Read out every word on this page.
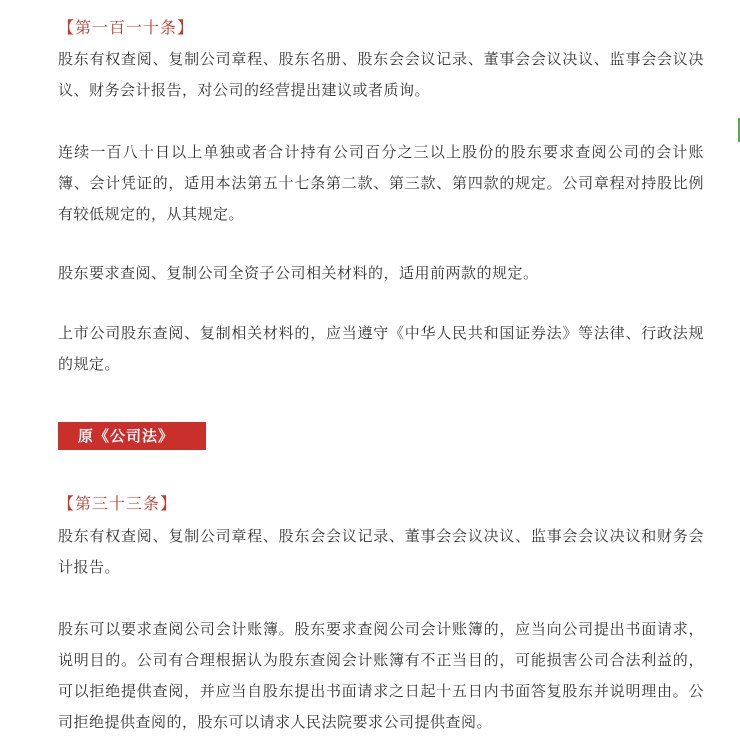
【第一百一十条】

股东有权查阅、复制公司章程、股东名册、股东会会议记录、董事会会议决议、监事会会议决议、财务会计报告，对公司的经营提出建议或者质询。

连续一百八十日以上单独或者合计持有公司百分之三以上股份的股东要求查阅公司的会计账簿、会计凭证的，适用本法第五十七条第二款、第三款、第四款的规定。公司章程对持股比例有较低规定的，从其规定。

股东要求查阅、复制公司全资子公司相关材料的，适用前两款的规定。

上市公司股东查阅、复制相关材料的，应当遵守《中华人民共和国证券法》等法律、行政法规的规定。

原《公司法》

【第三十三条】

股东有权查阅、复制公司章程、股东会会议记录、董事会会议决议、监事会会议决议和财务会计报告。

股东可以要求查阅公司会计账簿。股东要求查阅公司会计账簿的，应当向公司提出书面请求，说明目的。公司有合理根据认为股东查阅会计账簿有不正当目的，可能损害公司合法利益的，可以拒绝提供查阅，并应当自股东提出书面请求之日起十五日内书面答复股东并说明理由。公司拒绝提供查阅的，股东可以请求人民法院要求公司提供查阅。
